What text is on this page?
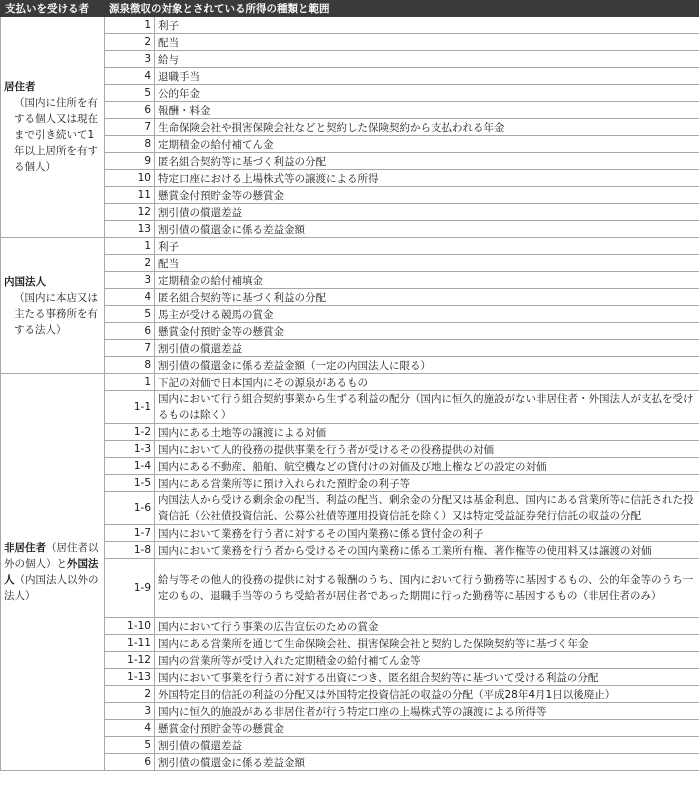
支払いを受ける者	源泉徴収の対象とされている所得の種類と範囲	

居住者
（国内に住所を有する個人又は現在まで引き続いて1年以上居所を有する個人）	1	利子
	2	配当
	3	給与
	4	退職手当
	5	公的年金
	6	報酬・料金
	7	生命保険会社や損害保険会社などと契約した保険契約から支払われる年金
	8	定期積金の給付補てん金
	9	匿名組合契約等に基づく利益の分配
	10	特定口座における上場株式等の譲渡による所得
	11	懸賞金付預貯金等の懸賞金
	12	割引債の償還差益
	13	割引債の償還金に係る差益金額

内国法人
（国内に本店又は主たる事務所を有する法人）	1	利子
	2	配当
	3	定期積金の給付補填金
	4	匿名組合契約等に基づく利益の分配
	5	馬主が受ける競馬の賞金
	6	懸賞金付預貯金等の懸賞金
	7	割引債の償還差益
	8	割引債の償還金に係る差益金額（一定の内国法人に限る）
非居住者（居住者以外の個人）と外国法人（内国法人以外の法人）	1	下記の対価で日本国内にその源泉があるもの
	1-1	国内において行う組合契約事業から生ずる利益の配分（国内に恒久的施設がない非居住者・外国法人が支払を受けるものは除く）
	1-2	国内にある土地等の譲渡による対価
	1-3	国内において人的役務の提供事業を行う者が受けるその役務提供の対価
	1-4	国内にある不動産、船舶、航空機などの貸付けの対価及び地上権などの設定の対価
	1-5	国内にある営業所等に預け入れられた預貯金の利子等
	1-6	内国法人から受ける剰余金の配当、利益の配当、剰余金の分配又は基金利息、国内にある営業所等に信託された投資信託（公社債投資信託、公募公社債等運用投資信託を除く）又は特定受益証券発行信託の収益の分配
	1-7	国内において業務を行う者に対するその国内業務に係る貸付金の利子
	1-8	国内において業務を行う者から受けるその国内業務に係る工業所有権、著作権等の使用料又は譲渡の対価
	1-9	給与等その他人的役務の提供に対する報酬のうち、国内において行う勤務等に基因するもの、公的年金等のうち一定のもの、退職手当等のうち受給者が居住者であった期間に行った勤務等に基因するもの（非居住者のみ）
	1-10	国内において行う事業の広告宣伝のための賞金
	1-11	国内にある営業所を通じて生命保険会社、損害保険会社と契約した保険契約等に基づく年金
	1-12	国内の営業所等が受け入れた定期積金の給付補てん金等
	1-13	国内において事業を行う者に対する出資につき、匿名組合契約等に基づいて受ける利益の分配
	2	外国特定目的信託の利益の分配又は外国特定投資信託の収益の分配（平成28年4月1日以後廃止）
	3	国内に恒久的施設がある非居住者が行う特定口座の上場株式等の譲渡による所得等
	4	懸賞金付預貯金等の懸賞金
	5	割引債の償還差益
	6	割引債の償還金に係る差益金額
